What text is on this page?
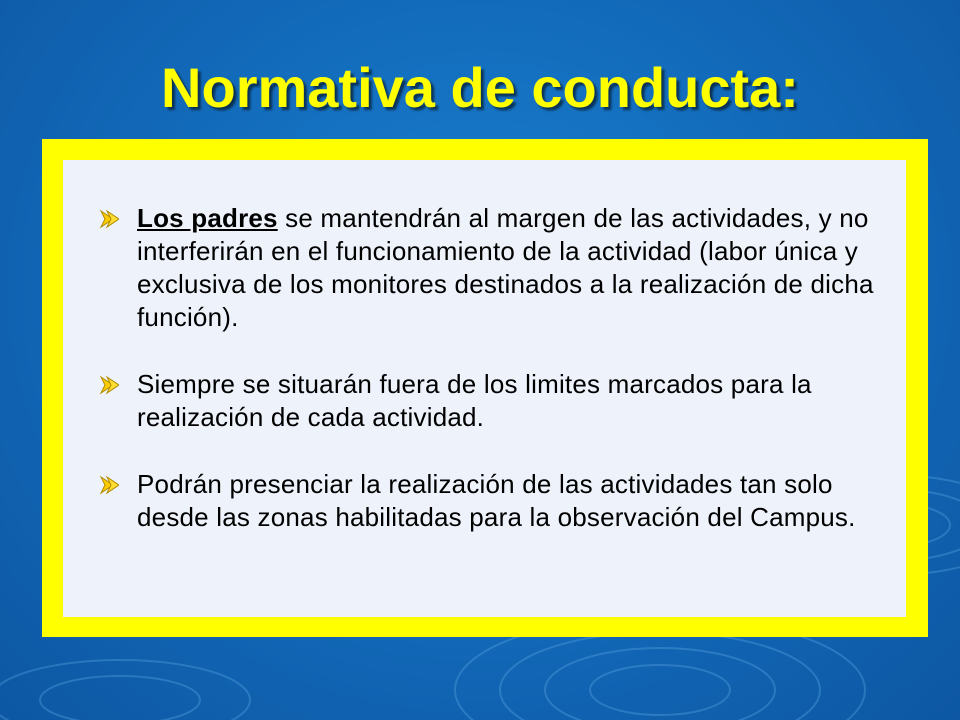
Normativa de conducta:
Los padres se mantendrán al margen de las actividades, y no interferirán en el funcionamiento de la actividad (labor única y exclusiva de los monitores destinados a la realización de dicha función).
Siempre se situarán fuera de los limites marcados para la realización de cada actividad.
Podrán presenciar la realización de las actividades tan solo desde las zonas habilitadas para la observación del Campus.
